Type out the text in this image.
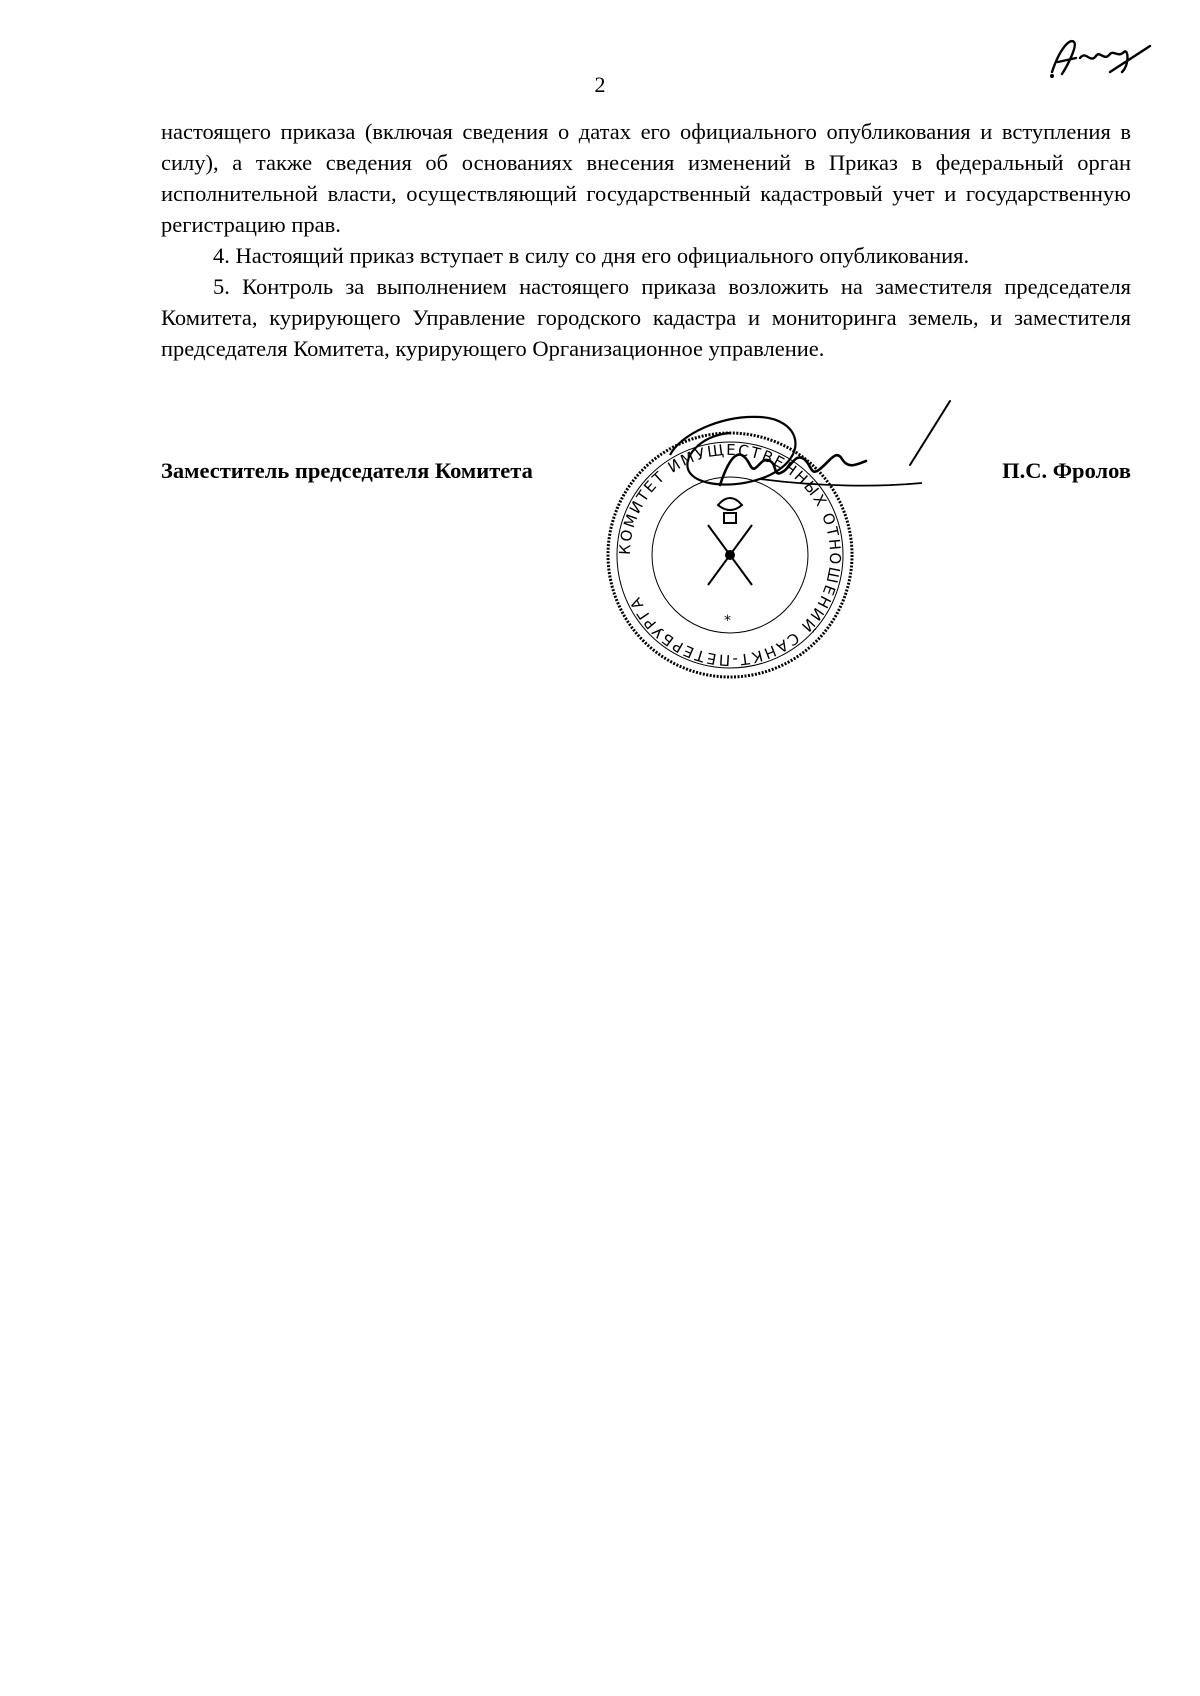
2

настоящего приказа (включая сведения о датах его официального опубликования и вступления в силу), а также сведения об основаниях внесения изменений в Приказ в федеральный орган исполнительной власти, осуществляющий государственный кадастровый учет и государственную регистрацию прав.

4. Настоящий приказ вступает в силу со дня его официального опубликования.

5. Контроль за выполнением настоящего приказа возложить на заместителя председателя Комитета, курирующего Управление городского кадастра и мониторинга земель, и заместителя председателя Комитета, курирующего Организационное управление.

КОМИТЕТ ИМУЩЕСТВЕННЫХ ОТНОШЕНИЙ САНКТ-ПЕТЕРБУРГА
*
Заместитель председателя Комитета	П.С. Фролов
